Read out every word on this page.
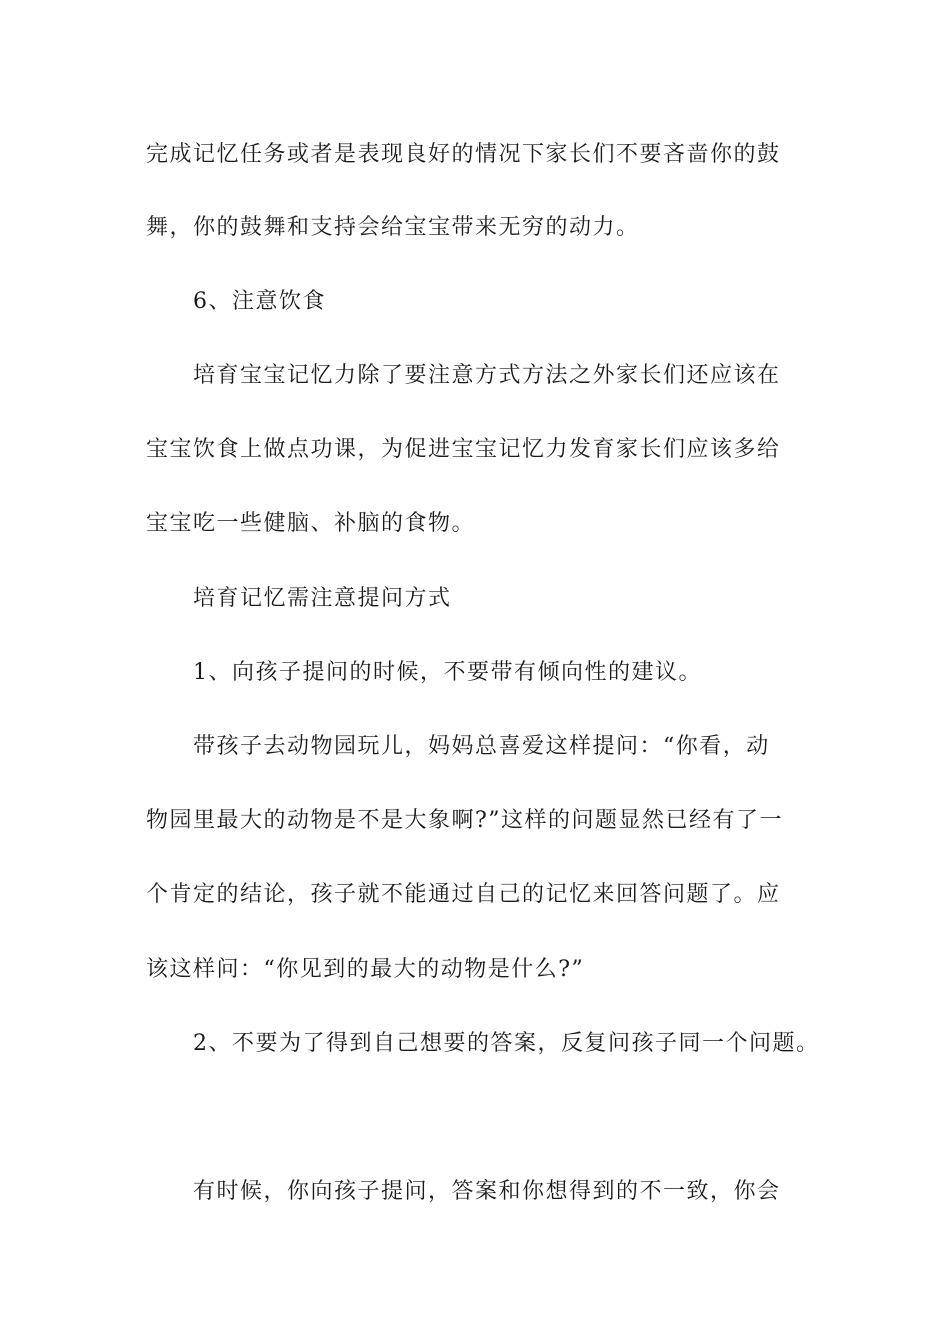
完成记忆任务或者是表现良好的情况下家长们不要吝啬你的鼓
舞，你的鼓舞和支持会给宝宝带来无穷的动力。
6、注意饮食
培育宝宝记忆力除了要注意方式方法之外家长们还应该在
宝宝饮食上做点功课，为促进宝宝记忆力发育家长们应该多给
宝宝吃一些健脑、补脑的食物。
培育记忆需注意提问方式
1、向孩子提问的时候，不要带有倾向性的建议。
带孩子去动物园玩儿，妈妈总喜爱这样提问：“你看，动
物园里最大的动物是不是大象啊?”这样的问题显然已经有了一
个肯定的结论，孩子就不能通过自己的记忆来回答问题了。应
该这样问：“你见到的最大的动物是什么?”
2、不要为了得到自己想要的答案，反复问孩子同一个问题。
有时候，你向孩子提问，答案和你想得到的不一致，你会
